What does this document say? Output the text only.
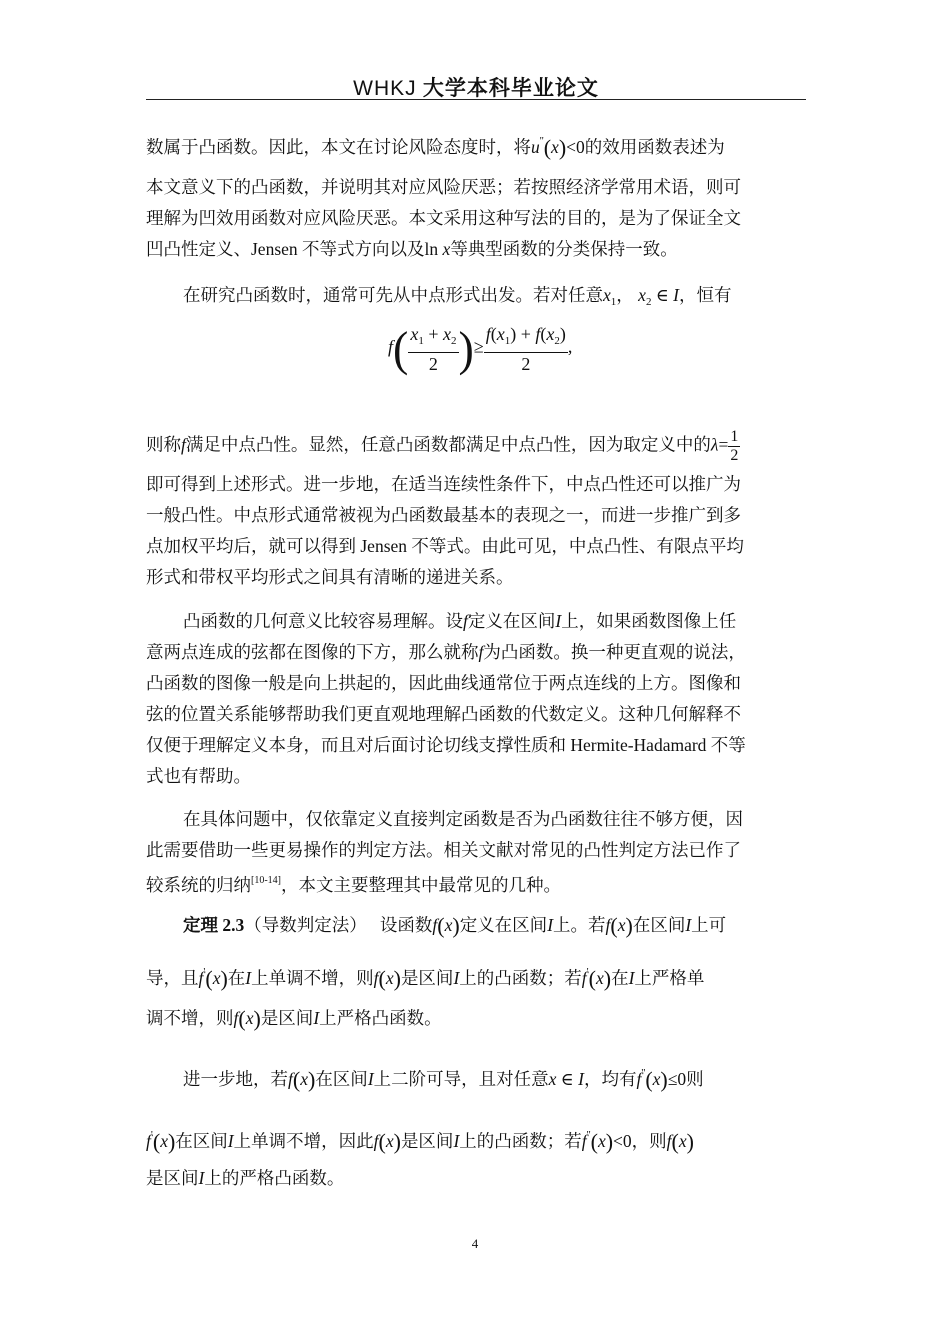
WHKJ 大学本科毕业论文
数属于凸函数。因此，本文在讨论风险态度时，将u''(x)<0的效用函数表述为
本文意义下的凸函数，并说明其对应风险厌恶；若按照经济学常用术语，则可
理解为凹效用函数对应风险厌恶。本文采用这种写法的目的，是为了保证全文
凹凸性定义、Jensen 不等式方向以及ln x等典型函数的分类保持一致。
在研究凸函数时，通常可先从中点形式出发。若对任意$x_1$， $x_2$ ∈ I，恒有
$f( \frac{x_1 + x_2}{2}$ )≥ $\frac{f(x_1) + f(x_2)}{2}$ ,
则称f满足中点凸性。显然，任意凸函数都满足中点凸性，因为取定义中的$\lambda= \frac{1}{2}$
即可得到上述形式。进一步地，在适当连续性条件下，中点凸性还可以推广为
一般凸性。中点形式通常被视为凸函数最基本的表现之一，而进一步推广到多
点加权平均后，就可以得到 Jensen 不等式。由此可见，中点凸性、有限点平均
形式和带权平均形式之间具有清晰的递进关系。
凸函数的几何意义比较容易理解。设f定义在区间I上，如果函数图像上任
意两点连成的弦都在图像的下方，那么就称f为凸函数。换一种更直观的说法，
凸函数的图像一般是向上拱起的，因此曲线通常位于两点连线的上方。图像和
弦的位置关系能够帮助我们更直观地理解凸函数的代数定义。这种几何解释不
仅便于理解定义本身，而且对后面讨论切线支撑性质和 Hermite-Hadamard 不等
式也有帮助。
在具体问题中，仅依靠定义直接判定函数是否为凸函数往往不够方便，因
此需要借助一些更易操作的判定方法。相关文献对常见的凸性判定方法已作了
较系统的归纳[10-14]，本文主要整理其中最常见的几种。
定理 2.3（导数判定法） 设函数f(x)定义在区间I上。若f(x)在区间I上可
导，且f'(x)在I上单调不增，则f(x)是区间I上的凸函数；若f'(x)在I上严格单
调不增，则f(x)是区间I上严格凸函数。
进一步地，若f(x)在区间I上二阶可导，且对任意x ∈ I，均有f''(x)≤0则
f'(x)在区间I上单调不增，因此f(x)是区间I上的凸函数；若f''(x)<0，则f(x)
是区间I上的严格凸函数。
4
